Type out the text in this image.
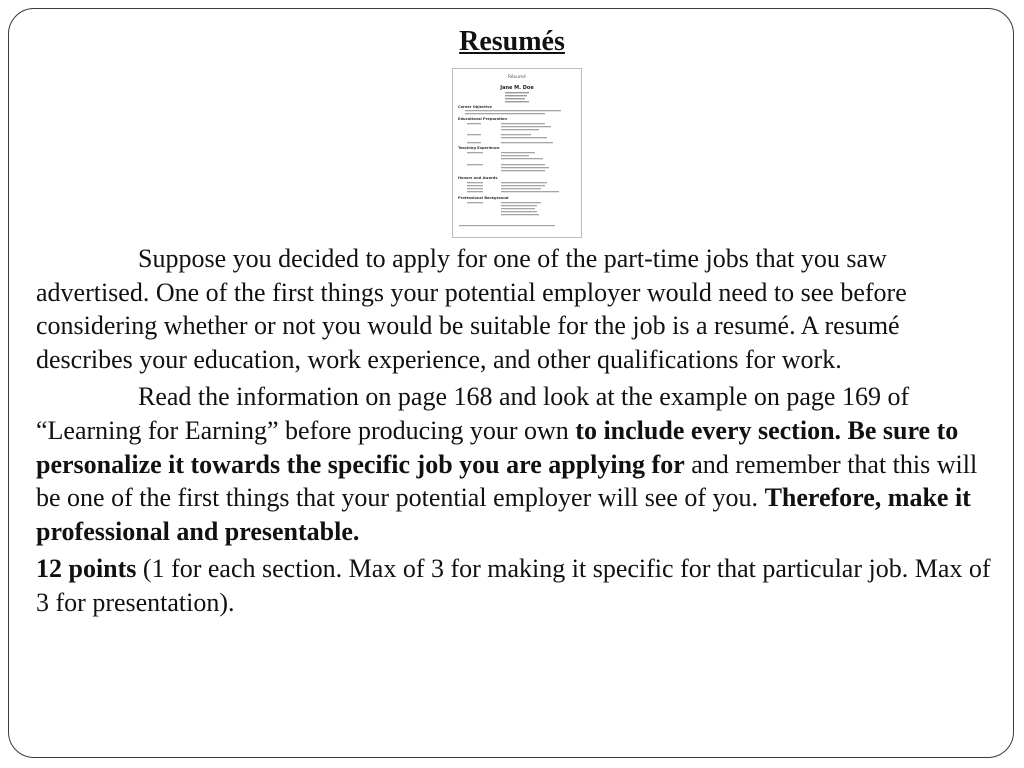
Resumés
Résumé
Jane M. Doe
Career Objective
Educational Preparation
Teaching Experience
Honors and Awards
Professional Background

Suppose you decided to apply for one of the part-time jobs that you saw advertised. One of the first things your potential employer would need to see before considering whether or not you would be suitable for the job is a resumé. A resumé describes your education, work experience, and other qualifications for work.

Read the information on page 168 and look at the example on page 169 of “Learning for Earning” before producing your own to include every section. Be sure to personalize it towards the specific job you are applying for and remember that this will be one of the first things that your potential employer will see of you. Therefore, make it professional and presentable.

12 points (1 for each section. Max of 3 for making it specific for that particular job. Max of 3 for presentation).
